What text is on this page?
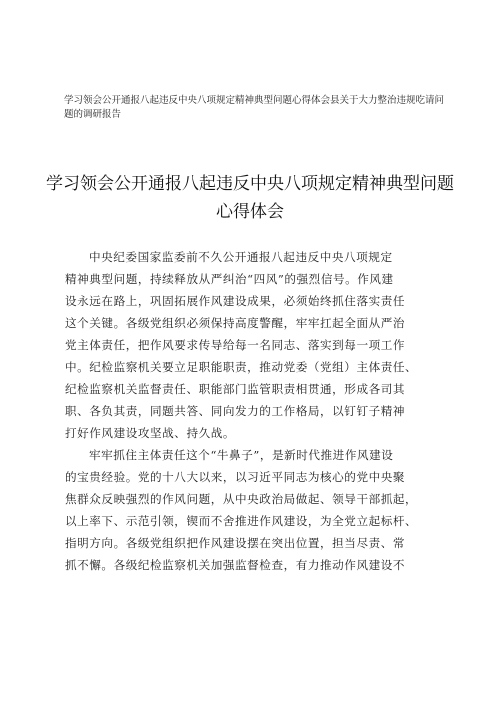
学习领会公开通报八起违反中央八项规定精神典型问题心得体会县关于大力整治违规吃请问
题的调研报告
学习领会公开通报八起违反中央八项规定精神典型问题
心得体会
中央纪委国家监委前不久公开通报八起违反中央八项规定
精神典型问题，持续释放从严纠治“四风”的强烈信号。作风建
设永远在路上，巩固拓展作风建设成果，必须始终抓住落实责任
这个关键。各级党组织必须保持高度警醒，牢牢扛起全面从严治
党主体责任，把作风要求传导给每一名同志、落实到每一项工作
中。纪检监察机关要立足职能职责，推动党委（党组）主体责任、
纪检监察机关监督责任、职能部门监管职责相贯通，形成各司其
职、各负其责，同题共答、同向发力的工作格局，以钉钉子精神
打好作风建设攻坚战、持久战。
牢牢抓住主体责任这个“牛鼻子”，是新时代推进作风建设
的宝贵经验。党的十八大以来，以习近平同志为核心的党中央聚
焦群众反映强烈的作风问题，从中央政治局做起、领导干部抓起，
以上率下、示范引领，锲而不舍推进作风建设，为全党立起标杆、
指明方向。各级党组织把作风建设摆在突出位置，担当尽责、常
抓不懈。各级纪检监察机关加强监督检查，有力推动作风建设不
